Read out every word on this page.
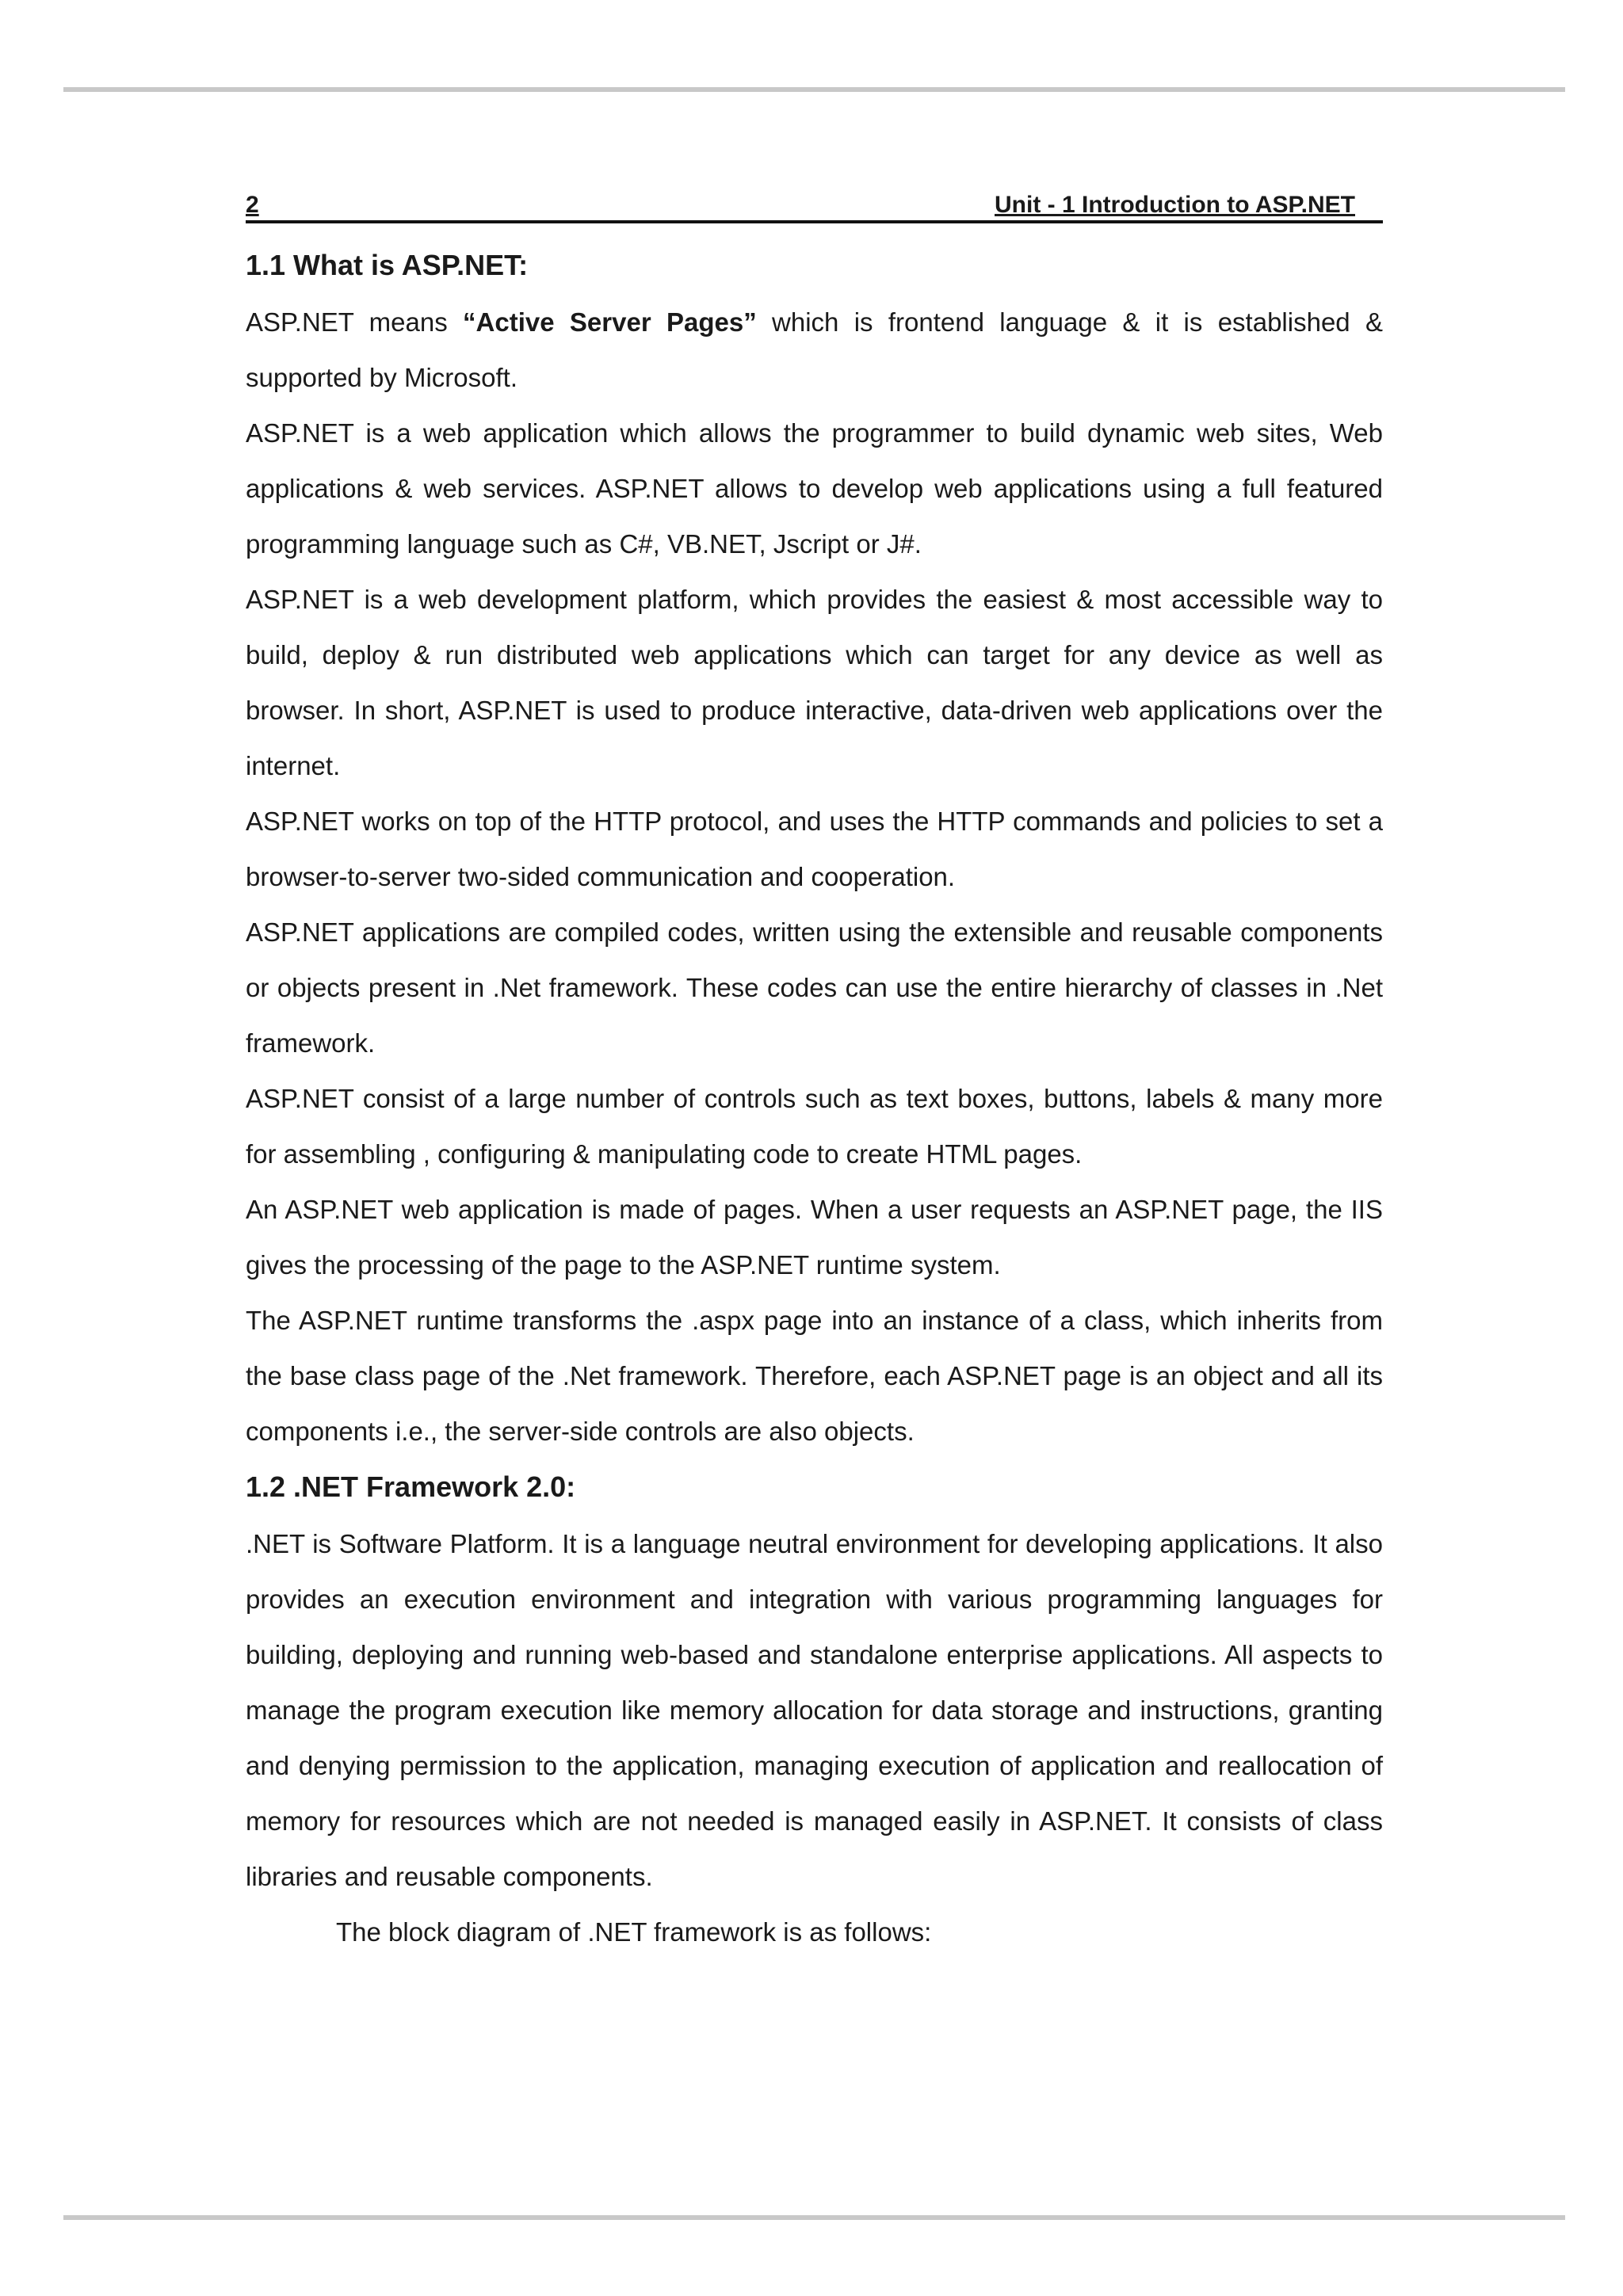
2	Unit - 1 Introduction to ASP.NET
1.1 What is ASP.NET:

ASP.NET means “Active Server Pages” which is frontend language & it is established & supported by Microsoft.

ASP.NET is a web application which allows the programmer to build dynamic web sites, Web applications & web services. ASP.NET allows to develop web applications using a full featured programming language such as C#, VB.NET, Jscript or J#.

ASP.NET is a web development platform, which provides the easiest & most accessible way to build, deploy & run distributed web applications which can target for any device as well as browser. In short, ASP.NET is used to produce interactive, data-driven web applications over the internet.

ASP.NET works on top of the HTTP protocol, and uses the HTTP commands and policies to set a browser-to-server two-sided communication and cooperation.

ASP.NET applications are compiled codes, written using the extensible and reusable components or objects present in .Net framework. These codes can use the entire hierarchy of classes in .Net framework.

ASP.NET consist of a large number of controls such as text boxes, buttons, labels & many more for assembling , configuring & manipulating code to create HTML pages.

An ASP.NET web application is made of pages. When a user requests an ASP.NET page, the IIS gives the processing of the page to the ASP.NET runtime system.

The ASP.NET runtime transforms the .aspx page into an instance of a class, which inherits from the base class page of the .Net framework. Therefore, each ASP.NET page is an object and all its components i.e., the server-side controls are also objects.

1.2 .NET Framework 2.0:

.NET is Software Platform. It is a language neutral environment for developing applications. It also provides an execution environment and integration with various programming languages for building, deploying and running web-based and standalone enterprise applications. All aspects to manage the program execution like memory allocation for data storage and instructions, granting and denying permission to the application, managing execution of application and reallocation of memory for resources which are not needed is managed easily in ASP.NET. It consists of class libraries and reusable components.

The block diagram of .NET framework is as follows:
